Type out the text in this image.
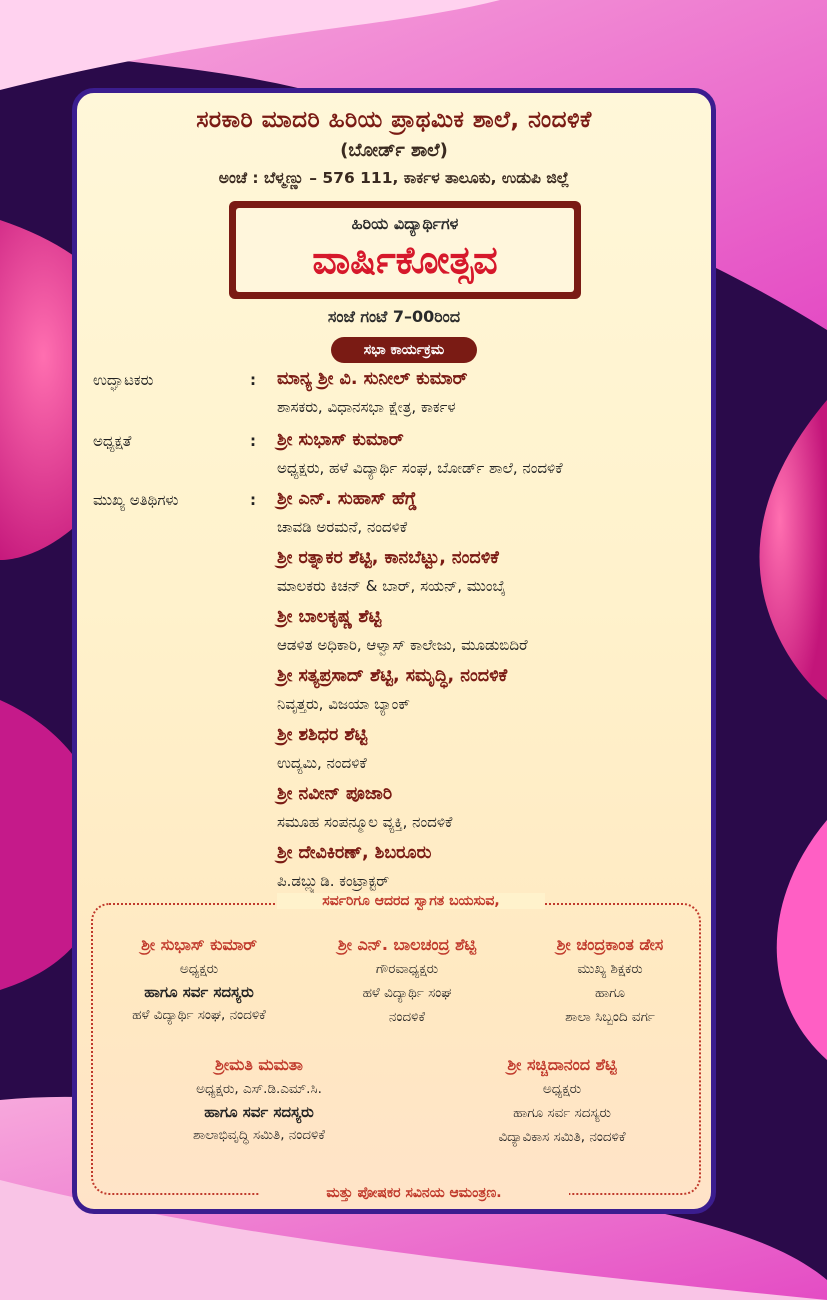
ಸರಕಾರಿ ಮಾದರಿ ಹಿರಿಯ ಪ್ರಾಥಮಿಕ ಶಾಲೆ, ನಂದಳಿಕೆ
(ಬೋರ್ಡ್ ಶಾಲೆ)
ಅಂಚೆ : ಬೆಳ್ಮಣ್ಣು – 576 111, ಕಾರ್ಕಳ ತಾಲೂಕು, ಉಡುಪಿ ಜಿಲ್ಲೆ
ಹಿರಿಯ ವಿದ್ಯಾರ್ಥಿಗಳ
ವಾರ್ಷಿಕೋತ್ಸವ
ಸಂಜೆ ಗಂಟೆ 7–00ರಿಂದ
ಸಭಾ ಕಾರ್ಯಕ್ರಮ
ಉದ್ಘಾಟಕರು	: ಮಾನ್ಯ ಶ್ರೀ ವಿ. ಸುನೀಲ್ ಕುಮಾರ್
ಶಾಸಕರು, ವಿಧಾನಸಭಾ ಕ್ಷೇತ್ರ, ಕಾರ್ಕಳ
ಅಧ್ಯಕ್ಷತೆ	: ಶ್ರೀ ಸುಭಾಸ್ ಕುಮಾರ್
ಅಧ್ಯಕ್ಷರು, ಹಳೆ ವಿದ್ಯಾರ್ಥಿ ಸಂಘ, ಬೋರ್ಡ್ ಶಾಲೆ, ನಂದಳಿಕೆ
ಮುಖ್ಯ ಅತಿಥಿಗಳು	: ಶ್ರೀ ಎನ್. ಸುಹಾಸ್ ಹೆಗ್ಡೆ
ಚಾವಡಿ ಅರಮನೆ, ನಂದಳಿಕೆ
ಶ್ರೀ ರತ್ನಾಕರ ಶೆಟ್ಟಿ, ಕಾನಬೆಟ್ಟು, ನಂದಳಿಕೆ
ಮಾಲಕರು ಕಿಚನ್ & ಬಾರ್, ಸಯನ್, ಮುಂಬೈ
ಶ್ರೀ ಬಾಲಕೃಷ್ಣ ಶೆಟ್ಟಿ
ಆಡಳಿತ ಅಧಿಕಾರಿ, ಆಳ್ವಾಸ್ ಕಾಲೇಜು, ಮೂಡುಬಿದಿರೆ
ಶ್ರೀ ಸತ್ಯಪ್ರಸಾದ್ ಶೆಟ್ಟಿ, ಸಮೃದ್ಧಿ, ನಂದಳಿಕೆ
ನಿವೃತ್ತರು, ವಿಜಯಾ ಬ್ಯಾಂಕ್
ಶ್ರೀ ಶಶಿಧರ ಶೆಟ್ಟಿ
ಉದ್ಯಮಿ, ನಂದಳಿಕೆ
ಶ್ರೀ ನವೀನ್ ಪೂಜಾರಿ
ಸಮೂಹ ಸಂಪನ್ಮೂಲ ವ್ಯಕ್ತಿ, ನಂದಳಿಕೆ
ಶ್ರೀ ದೇವಿಕಿರಣ್, ಶಿಬರೂರು
ಪಿ.ಡಬ್ಲ್ಯುಡಿ. ಕಂಟ್ರಾಕ್ಟರ್
ಸರ್ವರಿಗೂ ಆದರದ ಸ್ವಾಗತ ಬಯಸುವ,
ಶ್ರೀ ಸುಭಾಸ್ ಕುಮಾರ್
ಅಧ್ಯಕ್ಷರು
ಹಾಗೂ ಸರ್ವ ಸದಸ್ಯರು
ಹಳೆ ವಿದ್ಯಾರ್ಥಿ ಸಂಘ, ನಂದಳಿಕೆ
ಶ್ರೀ ಎನ್. ಬಾಲಚಂದ್ರ ಶೆಟ್ಟಿ
ಗೌರವಾಧ್ಯಕ್ಷರು
ಹಳೆ ವಿದ್ಯಾರ್ಥಿ ಸಂಘ
ನಂದಳಿಕೆ
ಶ್ರೀ ಚಂದ್ರಕಾಂತ ಡೇಸ
ಮುಖ್ಯ ಶಿಕ್ಷಕರು
ಹಾಗೂ
ಶಾಲಾ ಸಿಬ್ಬಂದಿ ವರ್ಗ
ಶ್ರೀಮತಿ ಮಮತಾ
ಅಧ್ಯಕ್ಷರು, ಎಸ್.ಡಿ.ಎಮ್.ಸಿ.
ಹಾಗೂ ಸರ್ವ ಸದಸ್ಯರು
ಶಾಲಾಭಿವೃದ್ಧಿ ಸಮಿತಿ, ನಂದಳಿಕೆ
ಶ್ರೀ ಸಚ್ಚಿದಾನಂದ ಶೆಟ್ಟಿ
ಅಧ್ಯಕ್ಷರು
ಹಾಗೂ ಸರ್ವ ಸದಸ್ಯರು
ವಿದ್ಯಾವಿಕಾಸ ಸಮಿತಿ, ನಂದಳಿಕೆ
ಮತ್ತು ಪೋಷಕರ ಸವಿನಯ ಆಮಂತ್ರಣ.
